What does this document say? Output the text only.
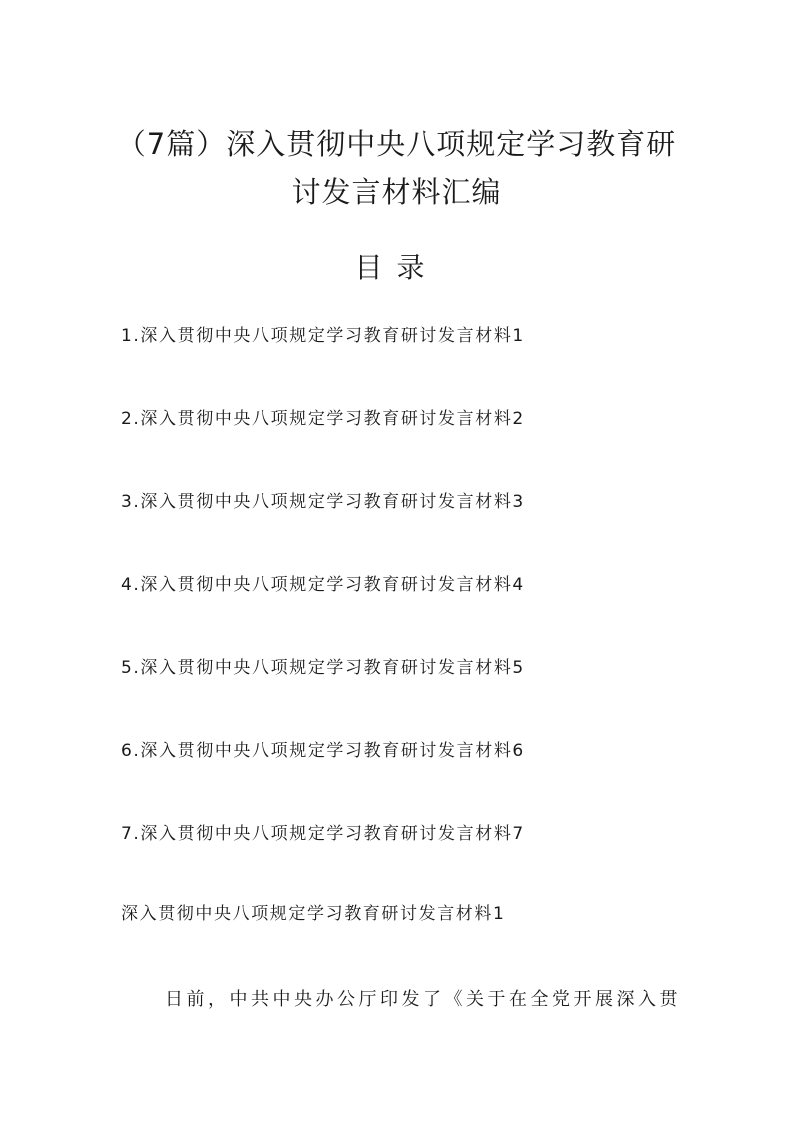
（7篇）深入贯彻中央八项规定学习教育研
讨发言材料汇编
目录
1.深入贯彻中央八项规定学习教育研讨发言材料1
2.深入贯彻中央八项规定学习教育研讨发言材料2
3.深入贯彻中央八项规定学习教育研讨发言材料3
4.深入贯彻中央八项规定学习教育研讨发言材料4
5.深入贯彻中央八项规定学习教育研讨发言材料5
6.深入贯彻中央八项规定学习教育研讨发言材料6
7.深入贯彻中央八项规定学习教育研讨发言材料7
深入贯彻中央八项规定学习教育研讨发言材料1
日前，中共中央办公厅印发了《关于在全党开展深入贯
